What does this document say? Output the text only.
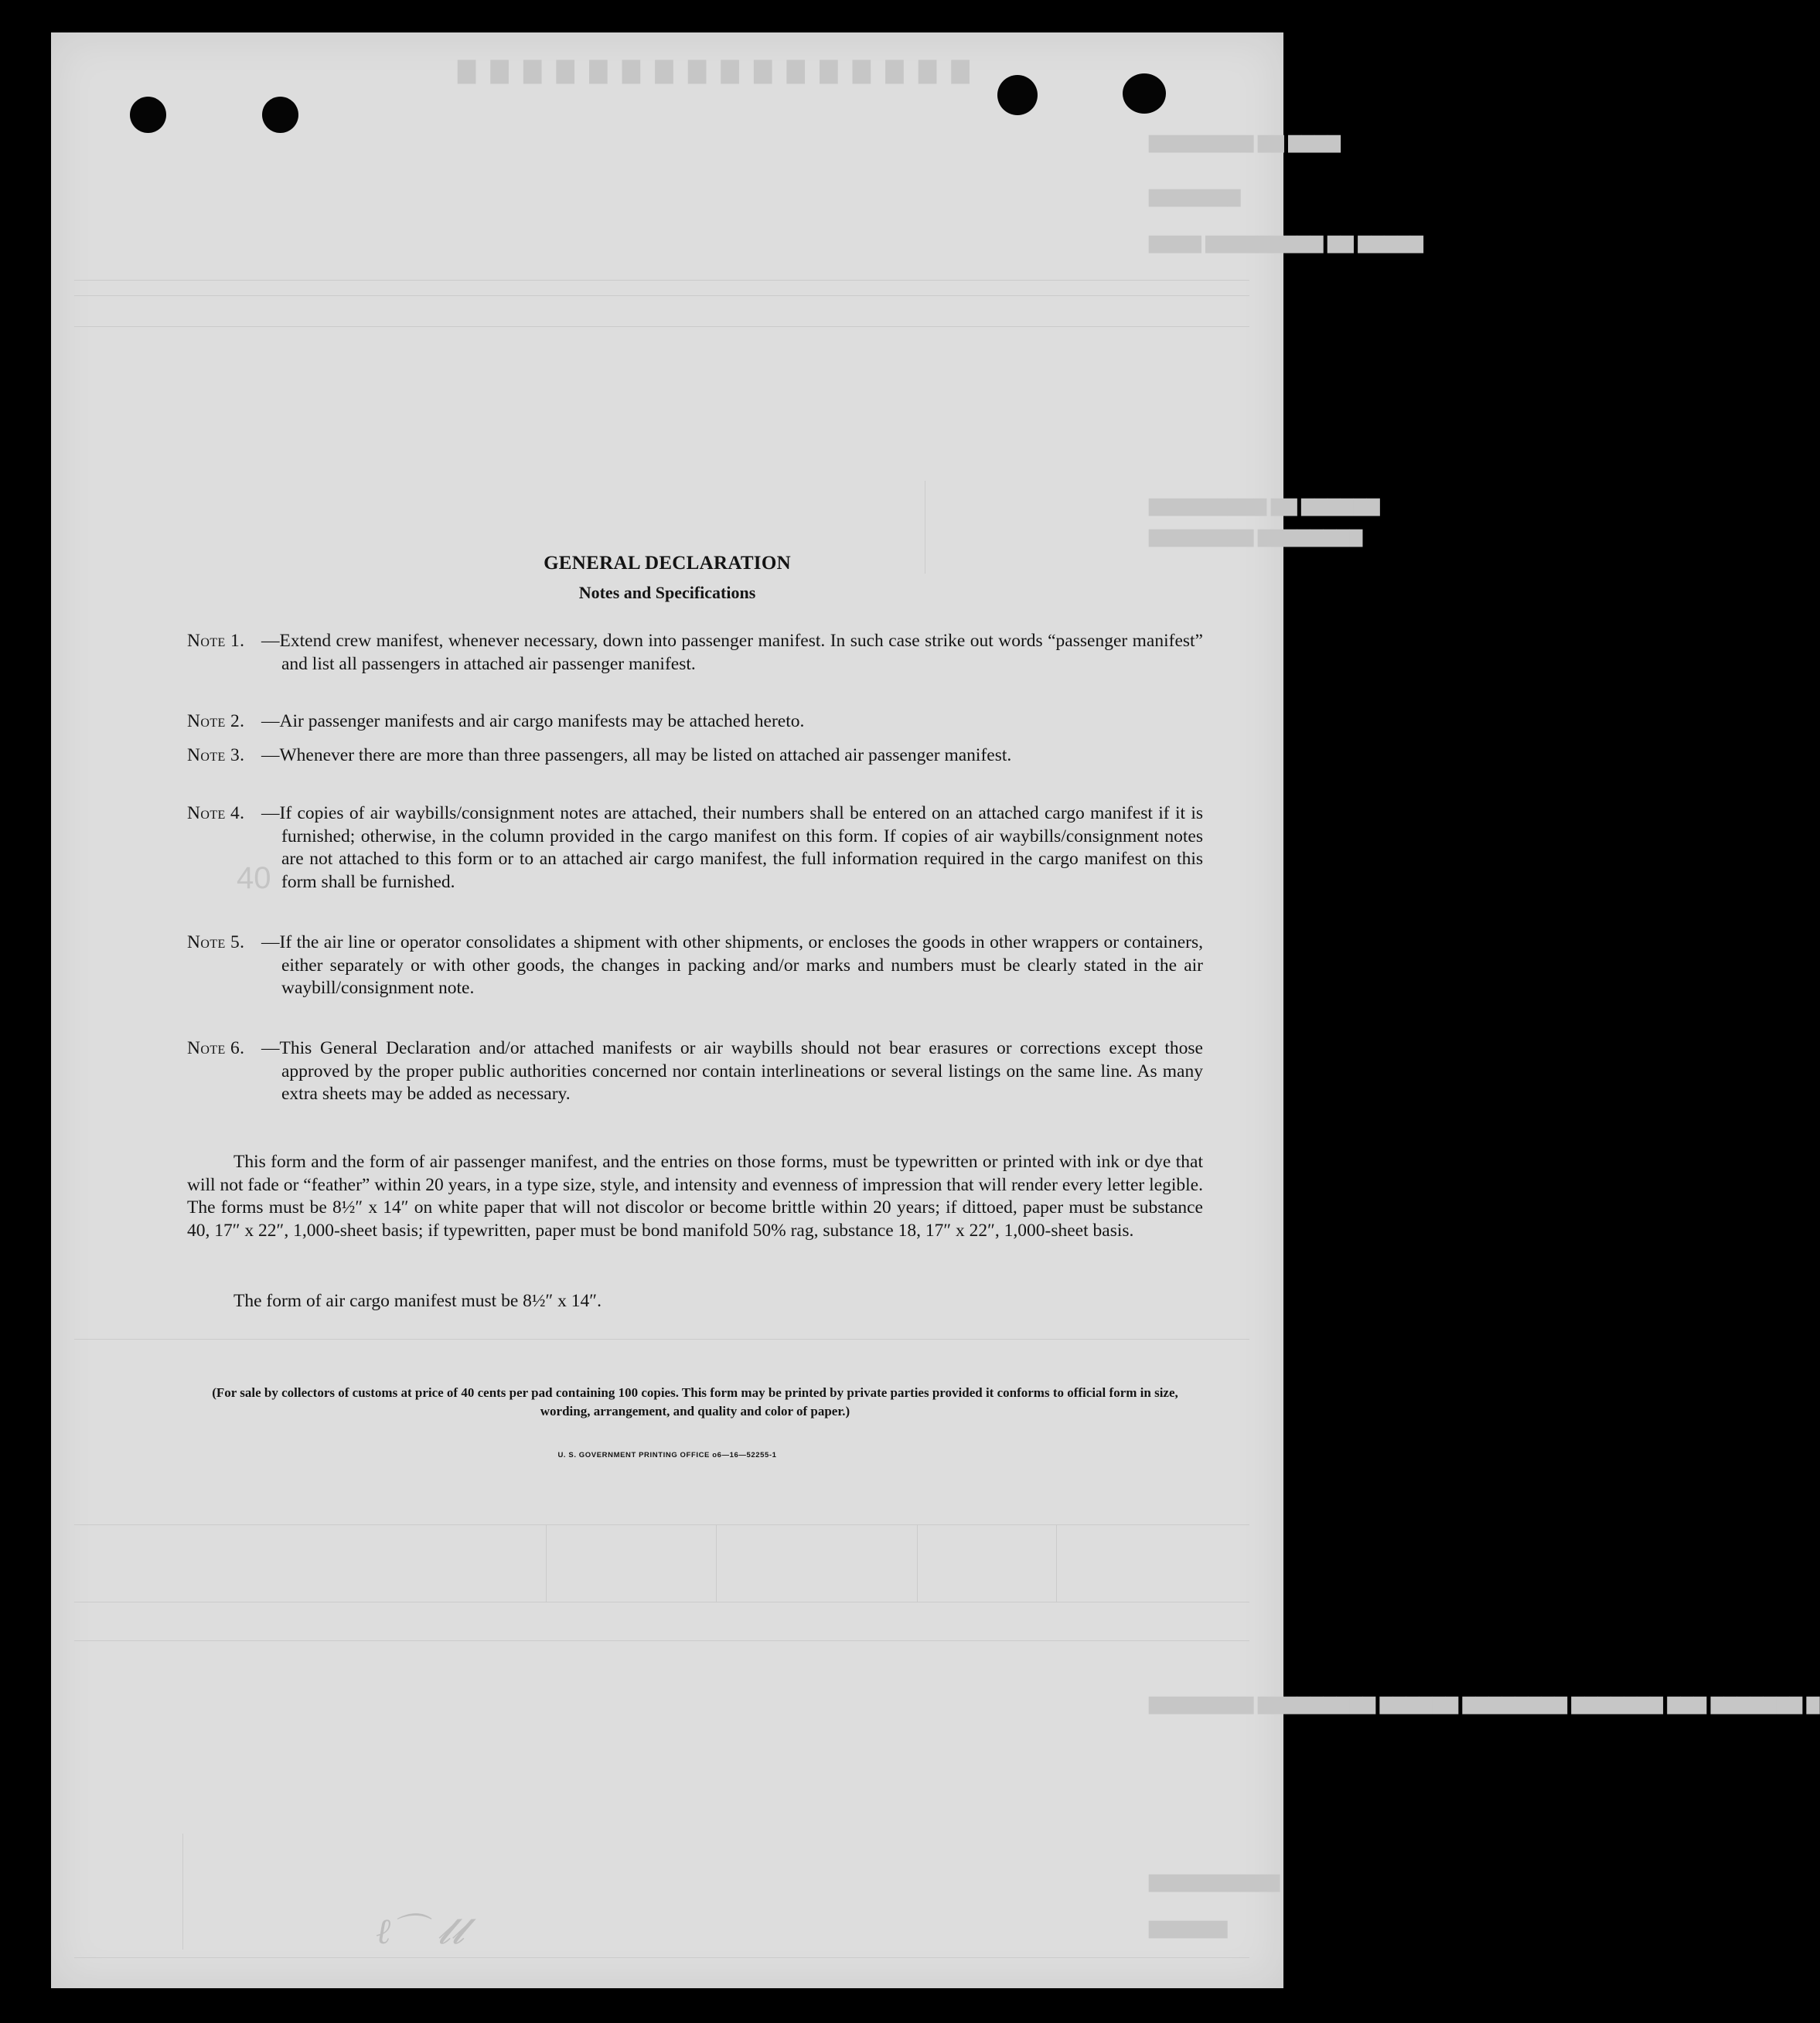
▇ ▇ ▇ ▇ ▇ ▇ ▇ ▇ ▇ ▇ ▇ ▇ ▇ ▇ ▇ ▇
▇▇▇▇ ▇▇ ▇▇▇▇▇▇▇▇
▇▇▇▇▇▇▇
▇▇▇▇▇ ▇▇ ▇▇▇▇▇▇▇▇▇ ▇▇▇▇
▇▇▇▇▇▇ ▇▇ ▇▇▇▇▇▇▇▇▇
▇▇▇▇▇▇▇▇ ▇▇▇▇▇▇▇▇
▇ ▇▇▇▇▇▇▇ ▇▇▇ ▇▇▇▇▇▇▇ ▇▇▇▇▇▇▇▇ ▇▇▇▇▇▇ ▇▇▇▇▇▇▇▇▇ ▇▇▇▇▇▇▇▇
▇▇▇▇▇▇▇▇▇▇
▇▇▇▇▇▇
GENERAL DECLARATION
Notes and Specifications
Note 1. —Extend crew manifest, whenever necessary, down into passenger manifest. In such case strike out words “passenger manifest” and list all passengers in attached air passenger manifest.
Note 2. —Air passenger manifests and air cargo manifests may be attached hereto.
Note 3. —Whenever there are more than three passengers, all may be listed on attached air passenger manifest.
Note 4. —If copies of air waybills/consignment notes are attached, their numbers shall be entered on an attached cargo manifest if it is furnished; otherwise, in the column provided in the cargo manifest on this form. If copies of air waybills/consignment notes are not attached to this form or to an attached air cargo manifest, the full information required in the cargo manifest on this form shall be furnished.
Note 5. —If the air line or operator consolidates a shipment with other shipments, or encloses the goods in other wrappers or containers, either separately or with other goods, the changes in packing and/or marks and numbers must be clearly stated in the air waybill/consignment note.
Note 6. —This General Declaration and/or attached manifests or air waybills should not bear erasures or corrections except those approved by the proper public authorities concerned nor contain interlineations or several listings on the same line. As many extra sheets may be added as necessary.
40
This form and the form of air passenger manifest, and the entries on those forms, must be typewritten or printed with ink or dye that will not fade or “feather” within 20 years, in a type size, style, and intensity and evenness of impression that will render every letter legible. The forms must be 8½″ x 14″ on white paper that will not discolor or become brittle within 20 years; if dittoed, paper must be substance 40, 17″ x 22″, 1,000-sheet basis; if typewritten, paper must be bond manifold 50% rag, substance 18, 17″ x 22″, 1,000-sheet basis.
The form of air cargo manifest must be 8½″ x 14″.
(For sale by collectors of customs at price of 40 cents per pad containing 100 copies. This form may be printed by private parties provided it conforms to official form in size, wording, arrangement, and quality and color of paper.)
U. S. GOVERNMENT PRINTING OFFICE o6—16—52255-1
ℓ⌒ 𝓵𝓵
